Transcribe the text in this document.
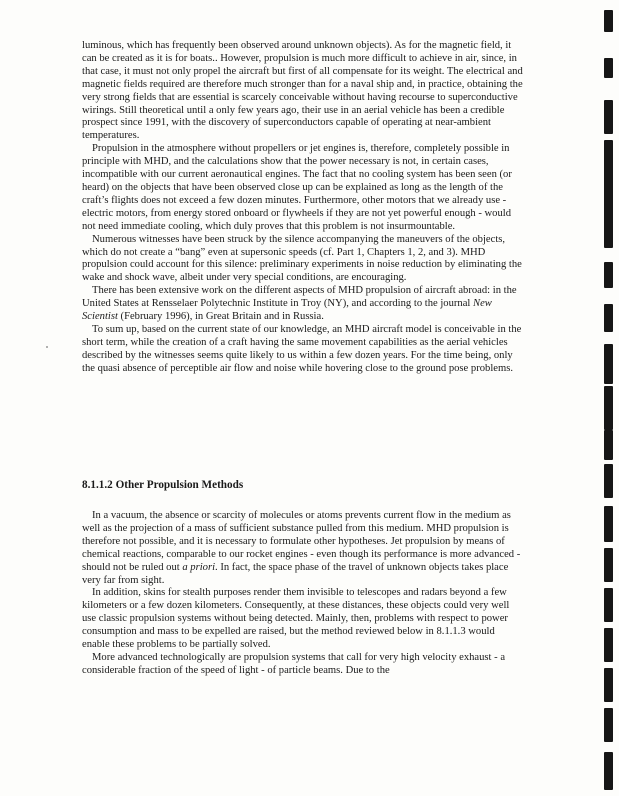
luminous, which has frequently been observed around unknown objects). As for the magnetic field, it can be created as it is for boats.. However, propulsion is much more difficult to achieve in air, since, in that case, it must not only propel the aircraft but first of all compensate for its weight. The electrical and magnetic fields required are therefore much stronger than for a naval ship and, in practice, obtaining the very strong fields that are essential is scarcely conceivable without having recourse to superconductive wirings. Still theoretical until a only few years ago, their use in an aerial vehicle has been a credible prospect since 1991, with the discovery of superconductors capable of operating at near-ambient temperatures.

Propulsion in the atmosphere without propellers or jet engines is, therefore, completely possible in principle with MHD, and the calculations show that the power necessary is not, in certain cases, incompatible with our current aeronautical engines. The fact that no cooling system has been seen (or heard) on the objects that have been observed close up can be explained as long as the length of the craft’s flights does not exceed a few dozen minutes. Furthermore, other motors that we already use - electric motors, from energy stored onboard or flywheels if they are not yet powerful enough - would not need immediate cooling, which duly proves that this problem is not insurmountable.

Numerous witnesses have been struck by the silence accompanying the maneuvers of the objects, which do not create a “bang” even at supersonic speeds (cf. Part 1, Chapters 1, 2, and 3). MHD propulsion could account for this silence: preliminary experiments in noise reduction by eliminating the wake and shock wave, albeit under very special conditions, are encouraging.

There has been extensive work on the different aspects of MHD propulsion of aircraft abroad: in the United States at Rensselaer Polytechnic Institute in Troy (NY), and according to the journal New Scientist (February 1996), in Great Britain and in Russia.

To sum up, based on the current state of our knowledge, an MHD aircraft model is conceivable in the short term, while the creation of a craft having the same movement capabilities as the aerial vehicles described by the witnesses seems quite likely to us within a few dozen years. For the time being, only the quasi absence of perceptible air flow and noise while hovering close to the ground pose problems.

8.1.1.2 Other Propulsion Methods

In a vacuum, the absence or scarcity of molecules or atoms prevents current flow in the medium as well as the projection of a mass of sufficient substance pulled from this medium. MHD propulsion is therefore not possible, and it is necessary to formulate other hypotheses. Jet propulsion by means of chemical reactions, comparable to our rocket engines - even though its performance is more advanced - should not be ruled out a priori. In fact, the space phase of the travel of unknown objects takes place very far from sight.

In addition, skins for stealth purposes render them invisible to telescopes and radars beyond a few kilometers or a few dozen kilometers. Consequently, at these distances, these objects could very well use classic propulsion systems without being detected. Mainly, then, problems with respect to power consumption and mass to be expelled are raised, but the method reviewed below in 8.1.1.3 would enable these problems to be partially solved.

More advanced technologically are propulsion systems that call for very high velocity exhaust - a considerable fraction of the speed of light - of particle beams. Due to the
